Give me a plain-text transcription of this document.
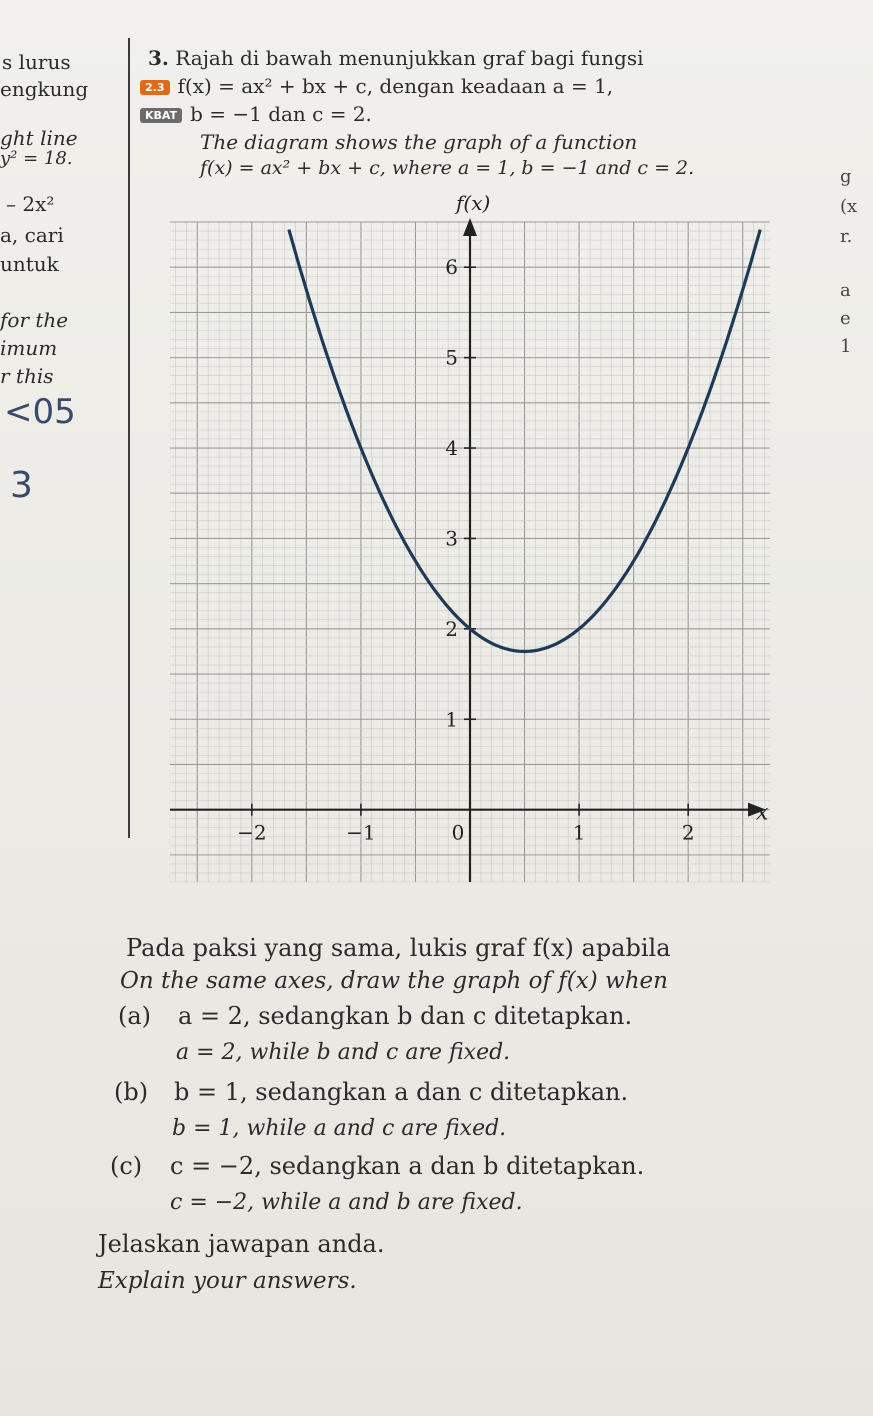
s lurus
engkung
ght line
y² = 18.
– 2x²
a, cari
untuk
for the
imum
r this
<05
3
g
(x
r.
a
e
1
3. Rajah di bawah menunjukkan graf bagi fungsi
2.3 f(x) = ax² + bx + c, dengan keadaan a = 1,
KBAT b = −1 dan c = 2.
The diagram shows the graph of a function
f(x) = ax² + bx + c, where a = 1, b = −1 and c = 2.
−2	−1	0	1	2
1
2
3
4
5
6
x
f(x)
Pada paksi yang sama, lukis graf f(x) apabila
On the same axes, draw the graph of f(x) when
(a) a = 2, sedangkan b dan c ditetapkan.
a = 2, while b and c are fixed.
(b) b = 1, sedangkan a dan c ditetapkan.
b = 1, while a and c are fixed.
(c) c = −2, sedangkan a dan b ditetapkan.
c = −2, while a and b are fixed.
Jelaskan jawapan anda.
Explain your answers.
